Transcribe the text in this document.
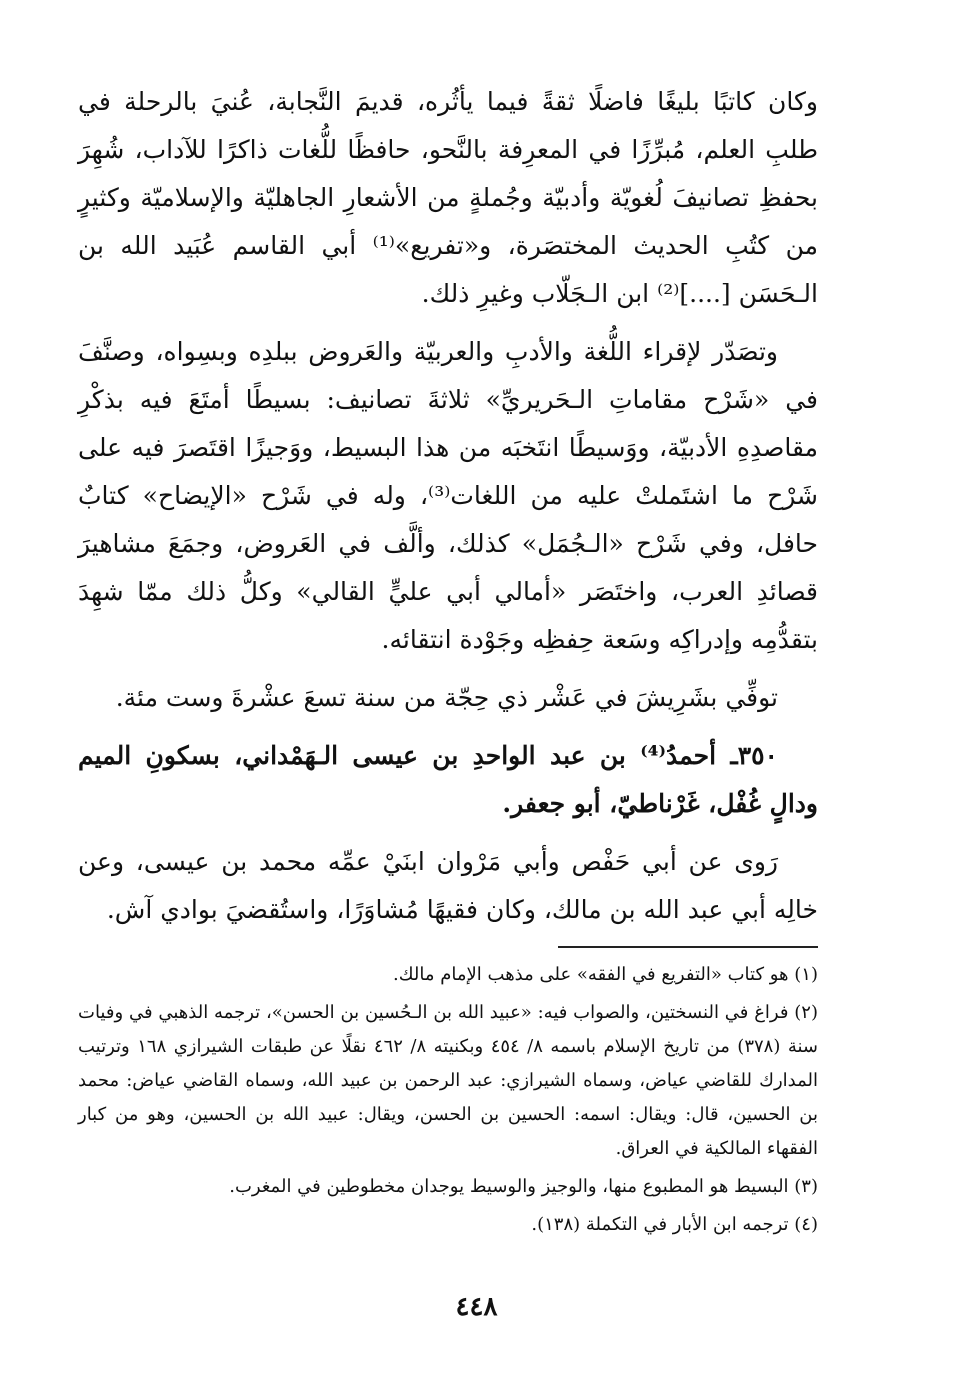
وكان كاتبًا بليغًا فاضلًا ثقةً فيما يأثُره، قديمَ النَّجابة، عُنيَ بالرحلة في طلبِ العلم، مُبرِّزًا في المعرِفة بالنَّحو، حافظًا للُّغات ذاكرًا للآداب، شُهِرَ بحفظِ تصانيفَ لُغويّة وأدبيّة وجُملةٍ من الأشعارِ الجاهليّة والإسلاميّة وكثيرٍ من كتُبِ الحديث المختصَرة، و«تفريع»⁽¹⁾ أبي القاسم عُبَيد الله بن الـحَسَن [....]⁽²⁾ ابن الـجَلّاب وغيرِ ذلك.

وتصَدّر لإقراء اللُّغة والأدبِ والعربيّة والعَروض ببلدِه وبسِواه، وصنَّفَ في «شَرْح مقاماتِ الـحَريريِّ» ثلاثةَ تصانيف: بسيطًا أمتَعَ فيه بذكْرِ مقاصدِهِ الأدبيّة، ووَسيطًا انتَخبَه من هذا البسيط، ووَجيزًا اقتَصرَ فيه على شَرْح ما اشتَملتْ عليه من اللغات⁽³⁾، وله في شَرْح «الإيضاح» كتابٌ حافل، وفي شَرْح «الـجُمَل» كذلك، وألَّف في العَروض، وجمَعَ مشاهيرَ قصائدِ العرب، واختَصَر «أمالي أبي عليٍّ القالي» وكلُّ ذلك ممّا شهِدَ بتقدُّمِه وإدراكِه وسَعة حِفظِه وجَوْدة انتقائه.

توفِّي بشَرِيشَ في عَشْر ذي حِجّة من سنة تسعَ عشْرةَ وست مئة.

٣٥٠ـ أحمدُ⁽⁴⁾ بن عبد الواحدِ بن عيسى الـهَمْداني، بسكونِ الميم ودالٍ غُفْل، غَرْناطيّ، أبو جعفر.

رَوى عن أبي حَفْص وأبي مَرْوان ابنَيْ عمِّه محمد بن عيسى، وعن خالِه أبي عبد الله بن مالك، وكان فقيهًا مُشاوَرًا، واستُقضيَ بوادي آش.

(١) هو كتاب «التفريع في الفقه» على مذهب الإمام مالك.

(٢) فراغ في النسختين، والصواب فيه: «عبيد الله بن الـحُسين بن الحسن»، ترجمه الذهبي في وفيات سنة (٣٧٨) من تاريخ الإسلام باسمه ٨/ ٤٥٤ وبكنيته ٨/ ٤٦٢ نقلًا عن طبقات الشيرازي ١٦٨ وترتيب المدارك للقاضي عياض، وسماه الشيرازي: عبد الرحمن بن عبيد الله، وسماه القاضي عياض: محمد بن الحسين، قال: ويقال: اسمه: الحسين بن الحسن، ويقال: عبيد الله بن الحسين، وهو من كبار الفقهاء المالكية في العراق.

(٣) البسيط هو المطبوع منها، والوجيز والوسيط يوجدان مخطوطين في المغرب.

(٤) ترجمه ابن الأبار في التكملة (١٣٨).

٤٤٨
